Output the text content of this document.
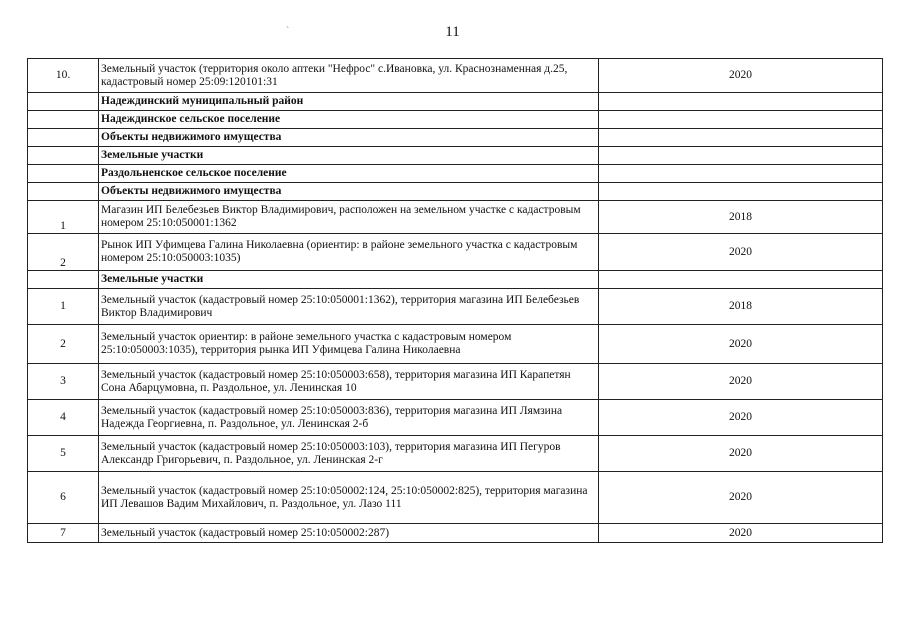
11
`
10.	Земельный участок (территория около аптеки "Нефрос" с.Ивановка, ул. Краснознаменная д.25, кадастровый номер 25:09:120101:31	2020
	Надеждинский муниципальный район	
	Надеждинское сельское поселение	
	Объекты недвижимого имущества	
	Земельные участки	
	Раздольненское сельское поселение	
	Объекты недвижимого имущества	
1	Магазин ИП Белебезьев Виктор Владимирович, расположен на земельном участке с кадастровым номером 25:10:050001:1362	2018
2	Рынок ИП Уфимцева Галина Николаевна (ориентир: в районе земельного участка с кадастровым номером 25:10:050003:1035)	2020
	Земельные участки	
1	Земельный участок (кадастровый номер 25:10:050001:1362), территория магазина ИП Белебезьев Виктор Владимирович	2018
2	Земельный участок ориентир: в районе земельного участка с кадастровым номером 25:10:050003:1035), территория рынка ИП Уфимцева Галина Николаевна	2020
3	Земельный участок (кадастровый номер 25:10:050003:658), территория магазина ИП Карапетян Сона Абарцумовна, п. Раздольное, ул. Ленинская 10	2020
4	Земельный участок (кадастровый номер 25:10:050003:836), территория магазина ИП Лямзина Надежда Георгиевна, п. Раздольное, ул. Ленинская 2-б	2020
5	Земельный участок (кадастровый номер 25:10:050003:103), территория магазина ИП Пегуров Александр Григорьевич, п. Раздольное, ул. Ленинская 2-г	2020
6	Земельный участок (кадастровый номер 25:10:050002:124, 25:10:050002:825), территория магазина ИП Левашов Вадим Михайлович, п. Раздольное, ул. Лазо 111	2020
7	Земельный участок (кадастровый номер 25:10:050002:287)	2020
